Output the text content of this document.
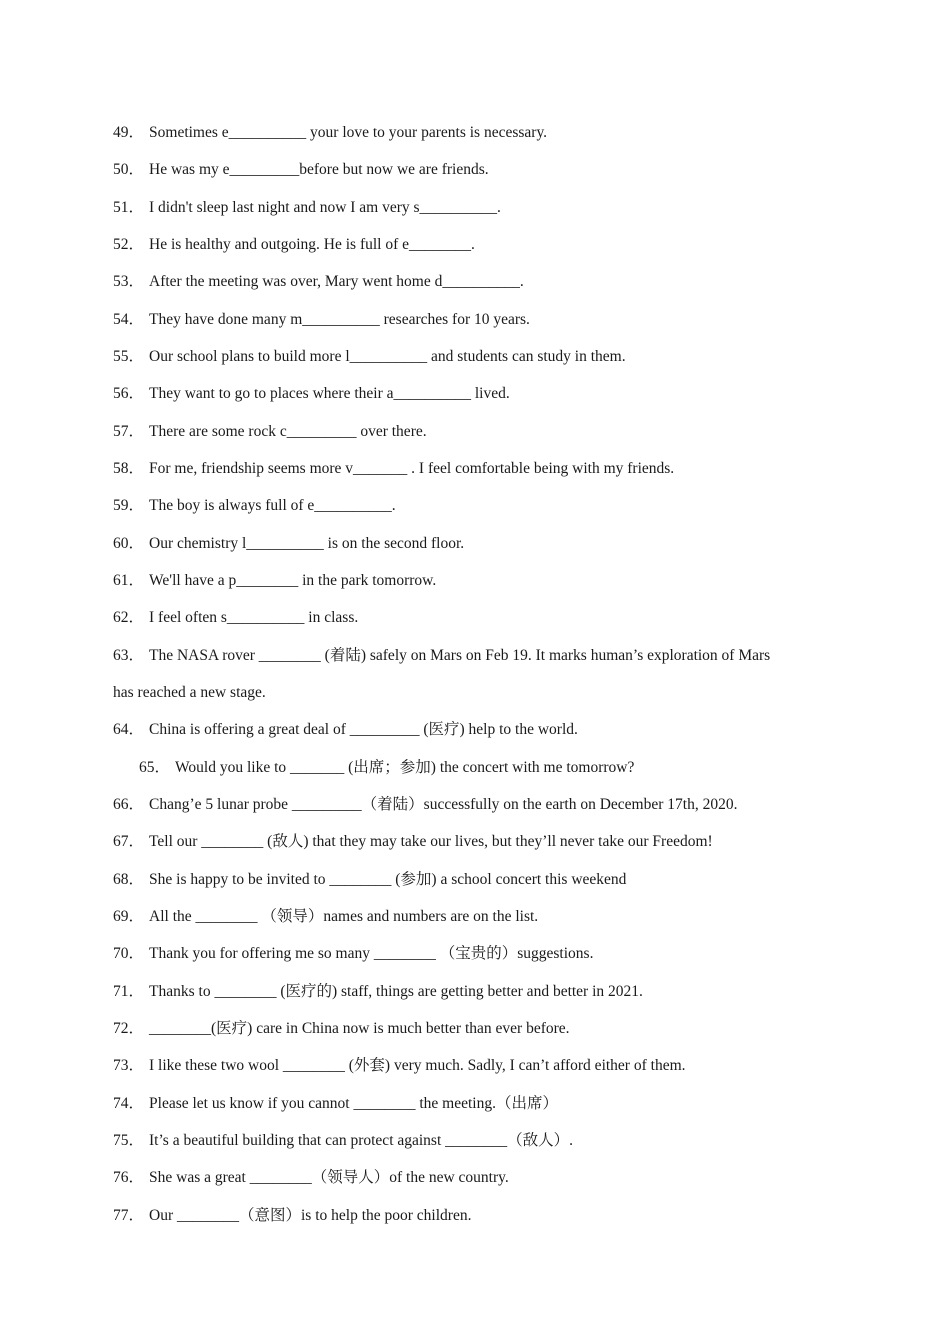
49． Sometimes e__________ your love to your parents is necessary.
50． He was my e_________before but now we are friends.
51． I didn't sleep last night and now I am very s__________.
52． He is healthy and outgoing. He is full of e________.
53． After the meeting was over, Mary went home d__________.
54． They have done many m__________ researches for 10 years.
55． Our school plans to build more l__________ and students can study in them.
56． They want to go to places where their a__________ lived.
57． There are some rock c_________ over there.
58． For me, friendship seems more v_______ . I feel comfortable being with my friends.
59． The boy is always full of e__________.
60． Our chemistry l__________ is on the second floor.
61． We'll have a p________ in the park tomorrow.
62． I feel often s__________ in class.
63． The NASA rover ________ (着陆) safely on Mars on Feb 19. It marks human’s exploration of Mars
has reached a new stage.
64． China is offering a great deal of _________ (医疗) help to the world.
65． Would you like to _______ (出席；参加) the concert with me tomorrow?
66． Chang’e 5 lunar probe _________（着陆）successfully on the earth on December 17th, 2020.
67． Tell our ________ (敌人) that they may take our lives, but they’ll never take our Freedom!
68． She is happy to be invited to ________ (参加) a school concert this weekend
69． All the ________ （领导）names and numbers are on the list.
70． Thank you for offering me so many ________ （宝贵的）suggestions.
71． Thanks to ________ (医疗的) staff, things are getting better and better in 2021.
72． ________(医疗) care in China now is much better than ever before.
73． I like these two wool ________ (外套) very much. Sadly, I can’t afford either of them.
74． Please let us know if you cannot ________ the meeting.（出席）
75． It’s a beautiful building that can protect against ________（敌人）.
76． She was a great ________（领导人）of the new country.
77． Our ________（意图）is to help the poor children.
